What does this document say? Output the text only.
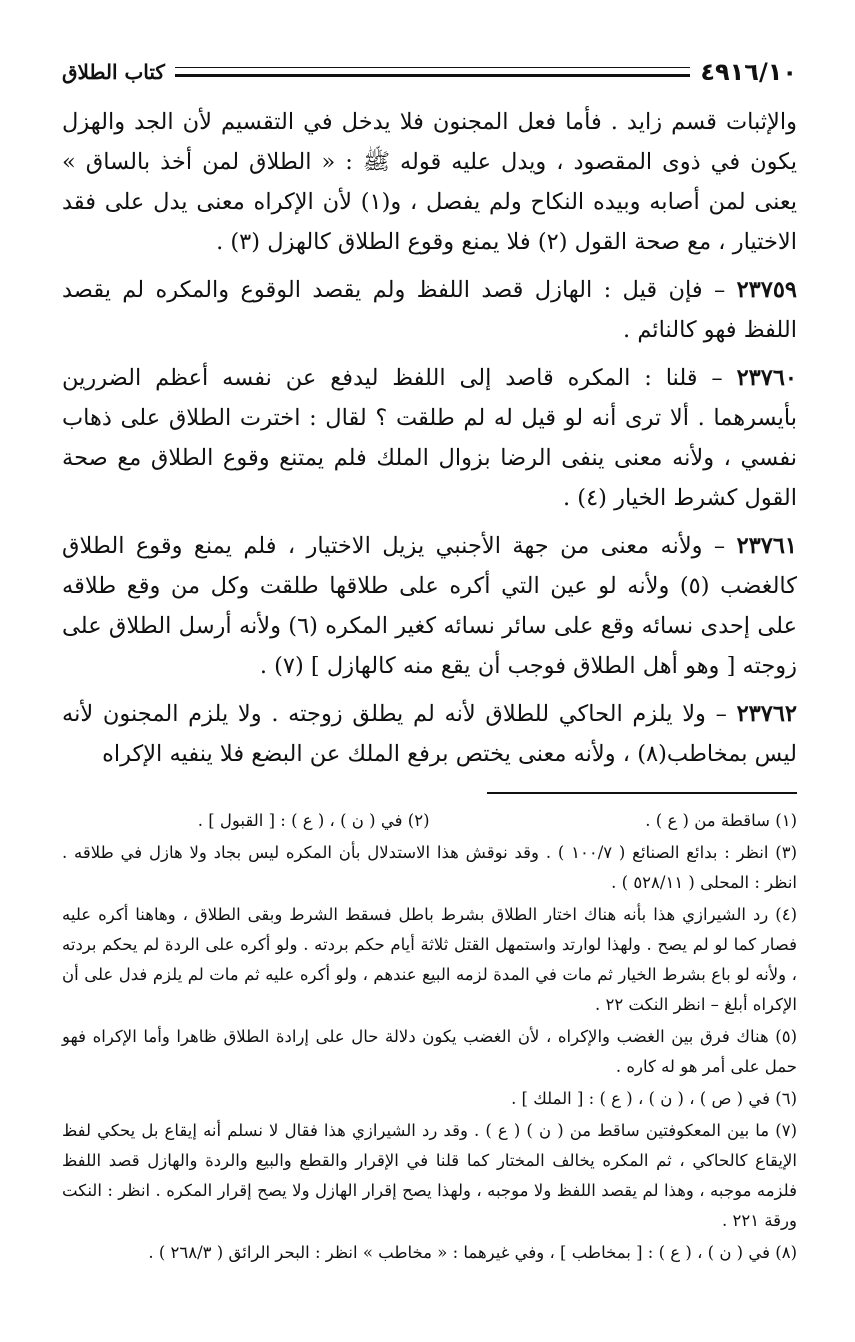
٤٩١٦/١٠
كتاب الطلاق

والإثبات قسم زايد . فأما فعل المجنون فلا يدخل في التقسيم لأن الجد والهزل يكون في ذوى المقصود ، ويدل عليه قوله ﷺ : « الطلاق لمن أخذ بالساق » يعنى لمن أصابه وبيده النكاح ولم يفصل ، و(١) لأن الإكراه معنى يدل على فقد الاختيار ، مع صحة القول (٢) فلا يمنع وقوع الطلاق كالهزل (٣) .

٢٣٧٥٩ – فإن قيل : الهازل قصد اللفظ ولم يقصد الوقوع والمكره لم يقصد اللفظ فهو كالنائم .

٢٣٧٦٠ – قلنا : المكره قاصد إلى اللفظ ليدفع عن نفسه أعظم الضررين بأيسرهما . ألا ترى أنه لو قيل له لم طلقت ؟ لقال : اخترت الطلاق على ذهاب نفسي ، ولأنه معنى ينفى الرضا بزوال الملك فلم يمتنع وقوع الطلاق مع صحة القول كشرط الخيار (٤) .

٢٣٧٦١ – ولأنه معنى من جهة الأجنبي يزيل الاختيار ، فلم يمنع وقوع الطلاق كالغضب (٥) ولأنه لو عين التي أكره على طلاقها طلقت وكل من وقع طلاقه على إحدى نسائه وقع على سائر نسائه كغير المكره (٦) ولأنه أرسل الطلاق على زوجته [ وهو أهل الطلاق فوجب أن يقع منه كالهازل ] (٧) .

٢٣٧٦٢ – ولا يلزم الحاكي للطلاق لأنه لم يطلق زوجته . ولا يلزم المجنون لأنه ليس بمخاطب(٨) ، ولأنه معنى يختص برفع الملك عن البضع فلا ينفيه الإكراه

(١) ساقطة من ( ع ) .
(٢) في ( ن ) ، ( ع ) : [ القبول ] .
(٣) انظر : بدائع الصنائع ( ١٠٠/٧ ) . وقد نوقش هذا الاستدلال بأن المكره ليس بجاد ولا هازل في طلاقه . انظر : المحلى ( ٥٢٨/١١ ) .
(٤) رد الشيرازي هذا بأنه هناك اختار الطلاق بشرط باطل فسقط الشرط وبقى الطلاق ، وهاهنا أكره عليه فصار كما لو لم يصح . ولهذا لوارتد واستمهل القتل ثلاثة أيام حكم بردته . ولو أكره على الردة لم يحكم بردته ، ولأنه لو باع بشرط الخيار ثم مات في المدة لزمه البيع عندهم ، ولو أكره عليه ثم مات لم يلزم فدل على أن الإكراه أبلغ – انظر النكت ٢٢ .
(٥) هناك فرق بين الغضب والإكراه ، لأن الغضب يكون دلالة حال على إرادة الطلاق ظاهرا وأما الإكراه فهو حمل على أمر هو له كاره .
(٦) في ( ص ) ، ( ن ) ، ( ع ) : [ الملك ] .
(٧) ما بين المعكوفتين ساقط من ( ن ) ( ع ) . وقد رد الشيرازي هذا فقال لا نسلم أنه إيقاع بل يحكي لفظ الإيقاع كالحاكي ، ثم المكره يخالف المختار كما قلنا في الإقرار والقطع والبيع والردة والهازل قصد اللفظ فلزمه موجبه ، وهذا لم يقصد اللفظ ولا موجبه ، ولهذا يصح إقرار الهازل ولا يصح إقرار المكره . انظر : النكت ورقة ٢٢١ .
(٨) في ( ن ) ، ( ع ) : [ بمخاطب ] ، وفي غيرهما : « مخاطب » انظر : البحر الرائق ( ٢٦٨/٣ ) .
